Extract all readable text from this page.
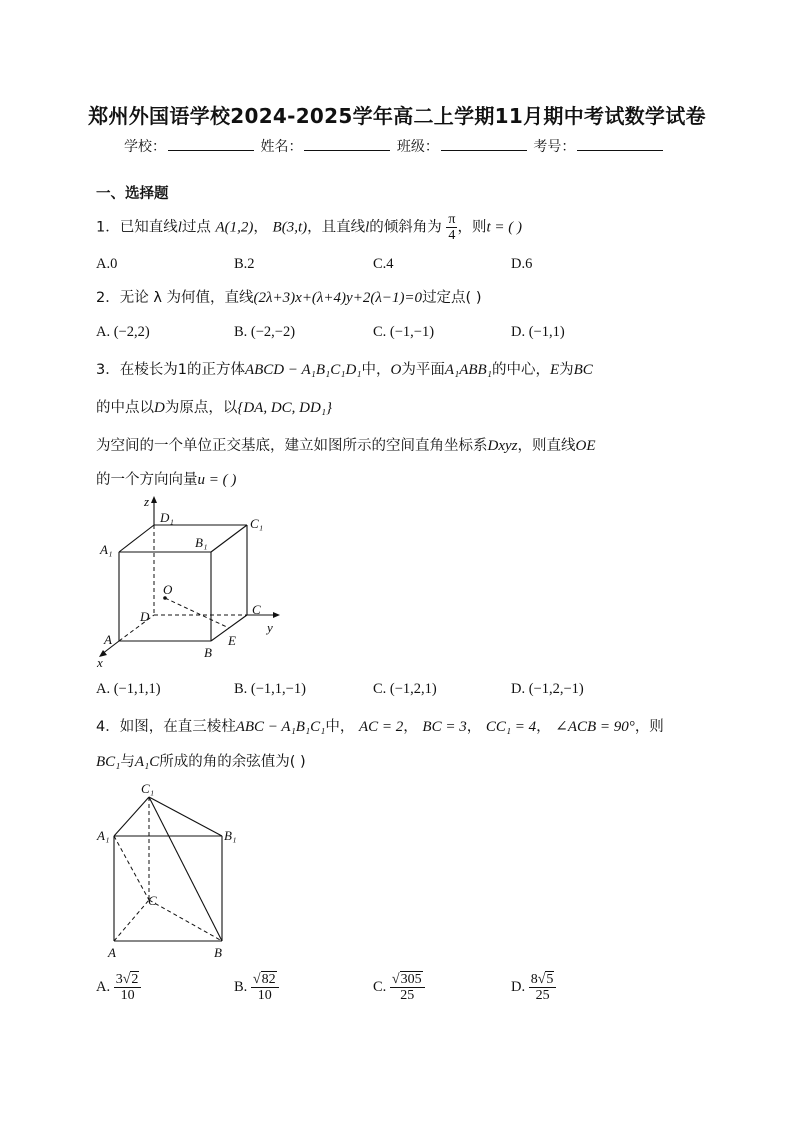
郑州外国语学校2024-2025学年高二上学期11月期中考试数学试卷
学校：	姓名：	班级：	考号：
一、选择题
1．已知直线l过点 A(1,2)， B(3,t)，且直线l的倾斜角为 $\frac{\pi}{4}$ ，则t = ( )
A.0	B.2	C.4	D.6
2．无论 λ 为何值，直线(2λ+3)x+(λ+4)y+2(λ−1)=0过定点( )
A. (−2,2)	B. (−2,−2)	C. (−1,−1)	D. (−1,1)
3．在棱长为1的正方体ABCD − A₁B₁C₁D₁中，O为平面A₁ABB₁的中心，E为BC
的中点以D为原点，以{DA, DC, DD₁}
为空间的一个单位正交基底，建立如图所示的空间直角坐标系Dxyz，则直线OE
的一个方向向量u = ( )
z
D₁	C₁
A₁	B₁
O
D	C
y
A	E
B
x
A. (−1,1,1)	B. (−1,1,−1)	C. (−1,2,1)	D. (−1,2,−1)
4．如图，在直三棱柱ABC − A₁B₁C₁中， AC = 2， BC = 3， CC₁ = 4， ∠ACB = 90°，则
BC₁与A₁C所成的角的余弦值为( )
C₁
A₁	B₁
C
A	B
A. $\frac{3√2}{10}$	B. $\frac{√82}{10}$	C. $\frac{√305}{25}$	D. $\frac{8√5}{25}$
